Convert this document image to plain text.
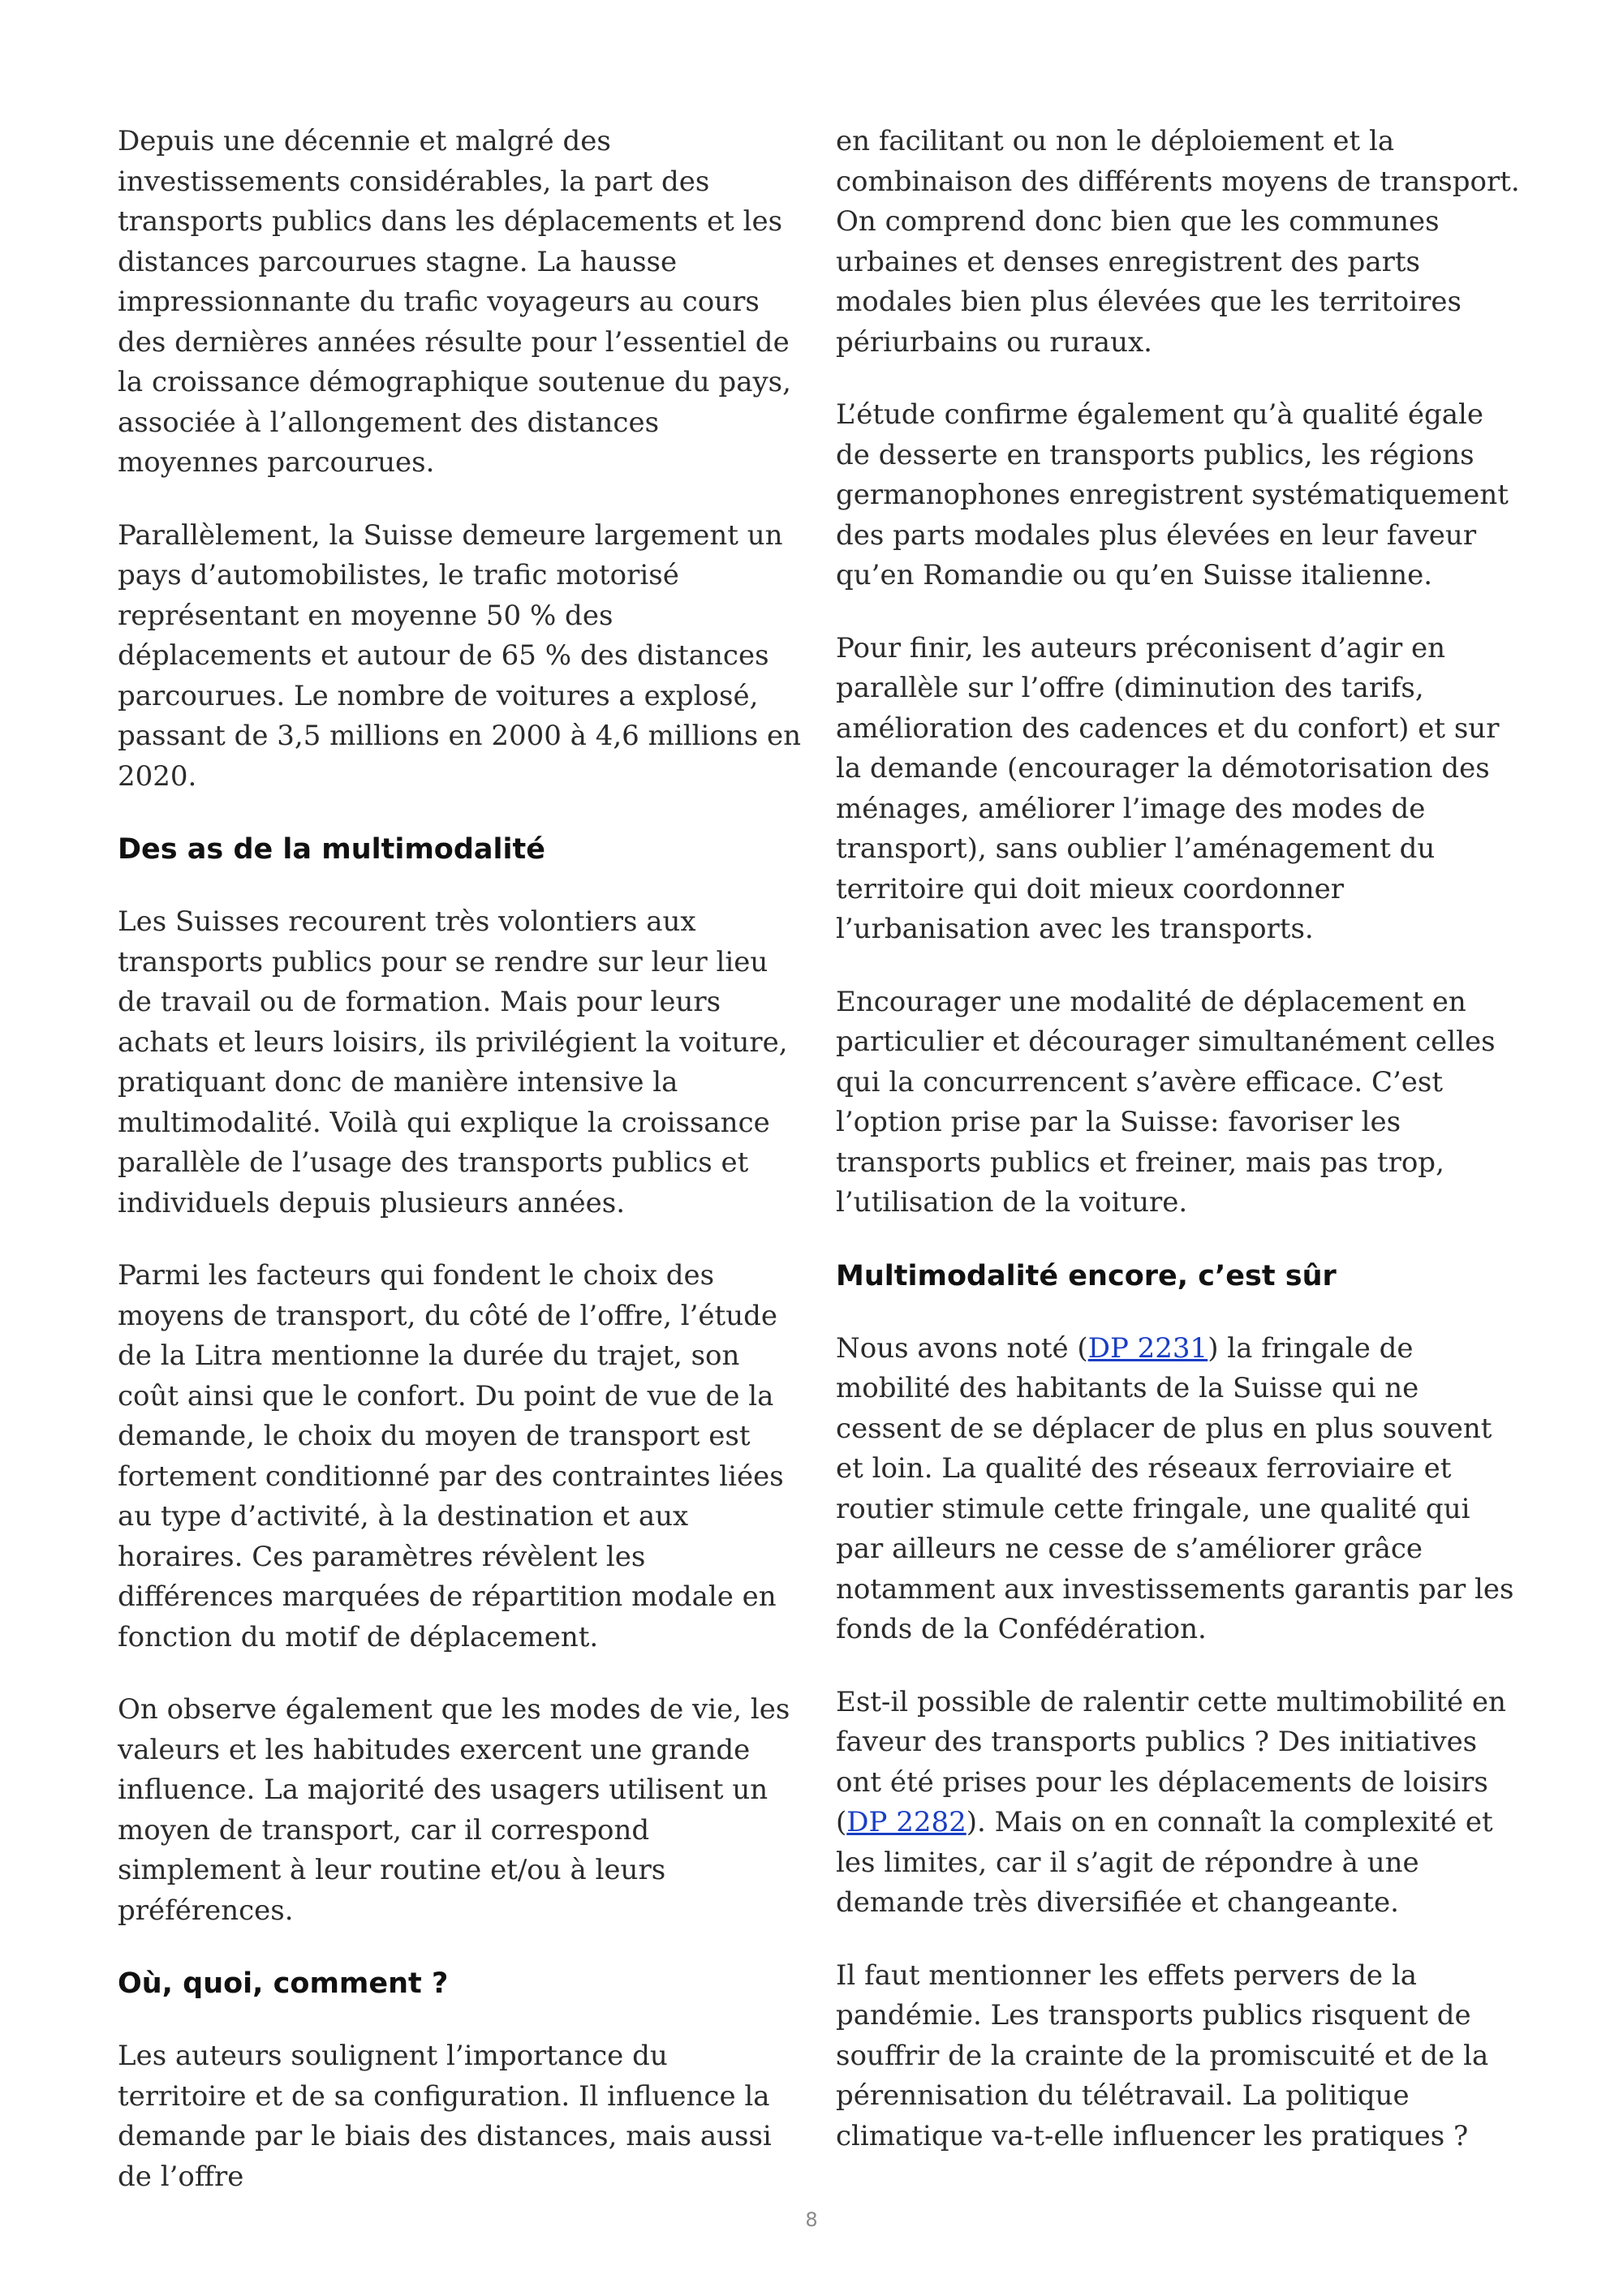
Depuis une décennie et malgré des investissements considérables, la part des transports publics dans les déplacements et les distances parcourues stagne. La hausse impressionnante du trafic voyageurs au cours des dernières années résulte pour l’essentiel de la croissance démographique soutenue du pays, associée à l’allongement des distances moyennes parcourues.

Parallèlement, la Suisse demeure largement un pays d’automobilistes, le trafic motorisé représentant en moyenne 50 % des déplacements et autour de 65 % des distances parcourues. Le nombre de voitures a explosé, passant de 3,5 millions en 2000 à 4,6 millions en 2020.

Des as de la multimodalité

Les Suisses recourent très volontiers aux transports publics pour se rendre sur leur lieu de travail ou de formation. Mais pour leurs achats et leurs loisirs, ils privilégient la voiture, pratiquant donc de manière intensive la multimodalité. Voilà qui explique la croissance parallèle de l’usage des transports publics et individuels depuis plusieurs années.

Parmi les facteurs qui fondent le choix des moyens de transport, du côté de l’offre, l’étude de la Litra mentionne la durée du trajet, son coût ainsi que le confort. Du point de vue de la demande, le choix du moyen de transport est fortement conditionné par des contraintes liées au type d’activité, à la destination et aux horaires. Ces paramètres révèlent les différences marquées de répartition modale en fonction du motif de déplacement.

On observe également que les modes de vie, les valeurs et les habitudes exercent une grande influence. La majorité des usagers utilisent un moyen de transport, car il correspond simplement à leur routine et/ou à leurs préférences.

Où, quoi, comment ?

Les auteurs soulignent l’importance du territoire et de sa configuration. Il influence la demande par le biais des distances, mais aussi de l’offre

en facilitant ou non le déploiement et la combinaison des différents moyens de transport. On comprend donc bien que les communes urbaines et denses enregistrent des parts modales bien plus élevées que les territoires périurbains ou ruraux.

L’étude confirme également qu’à qualité égale de desserte en transports publics, les régions germanophones enregistrent systématiquement des parts modales plus élevées en leur faveur qu’en Romandie ou qu’en Suisse italienne.

Pour finir, les auteurs préconisent d’agir en parallèle sur l’offre (diminution des tarifs, amélioration des cadences et du confort) et sur la demande (encourager la démotorisation des ménages, améliorer l’image des modes de transport), sans oublier l’aménagement du territoire qui doit mieux coordonner l’urbanisation avec les transports.

Encourager une modalité de déplacement en particulier et décourager simultanément celles qui la concurrencent s’avère efficace. C’est l’option prise par la Suisse: favoriser les transports publics et freiner, mais pas trop, l’utilisation de la voiture.

Multimodalité encore, c’est sûr

Nous avons noté (DP 2231) la fringale de mobilité des habitants de la Suisse qui ne cessent de se déplacer de plus en plus souvent et loin. La qualité des réseaux ferroviaire et routier stimule cette fringale, une qualité qui par ailleurs ne cesse de s’améliorer grâce notamment aux investissements garantis par les fonds de la Confédération.

Est-il possible de ralentir cette multimobilité en faveur des transports publics ? Des initiatives ont été prises pour les déplacements de loisirs (DP 2282). Mais on en connaît la complexité et les limites, car il s’agit de répondre à une demande très diversifiée et changeante.

Il faut mentionner les effets pervers de la pandémie. Les transports publics risquent de souffrir de la crainte de la promiscuité et de la pérennisation du télétravail. La politique climatique va-t-elle influencer les pratiques ?

8
